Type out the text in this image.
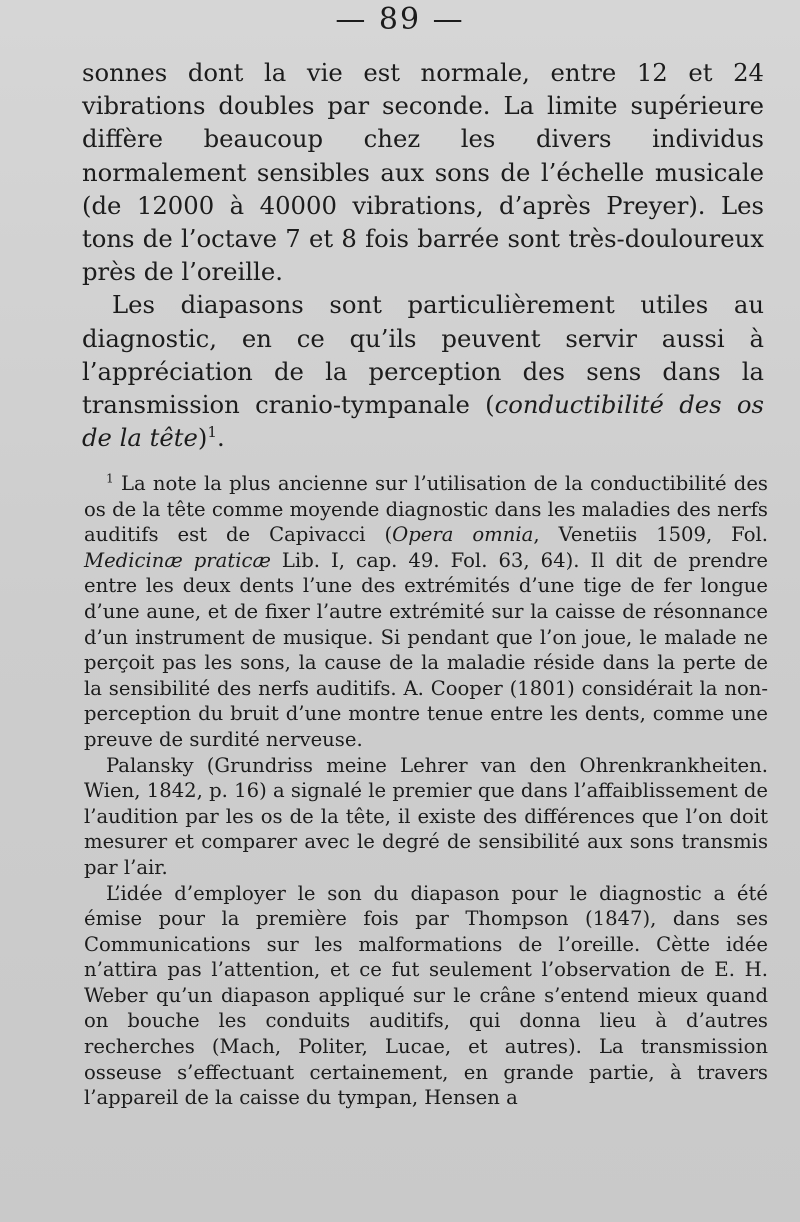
— 89 —

sonnes dont la vie est normale, entre 12 et 24 vibrations doubles par seconde. La limite supérieure diffère beaucoup chez les divers individus normalement sensibles aux sons de l’échelle musicale (de 12000 à 40000 vibrations, d’après Preyer). Les tons de l’octave 7 et 8 fois barrée sont très-douloureux près de l’oreille.

Les diapasons sont particulièrement utiles au diagnostic, en ce qu’ils peuvent servir aussi à l’appréciation de la perception des sens dans la transmission cranio-tympanale (conductibilité des os de la tête)$^1$.

$^1$ La note la plus ancienne sur l’utilisation de la conductibilité des os de la tête comme moyende diagnostic dans les maladies des nerfs auditifs est de Capivacci (Opera omnia, Venetiis 1509, Fol. Medicinæ praticæ Lib. I, cap. 49. Fol. 63, 64). Il dit de prendre entre les deux dents l’une des extrémités d’une tige de fer longue d’une aune, et de fixer l’autre extrémité sur la caisse de résonnance d’un instrument de musique. Si pendant que l’on joue, le malade ne perçoit pas les sons, la cause de la maladie réside dans la perte de la sensibilité des nerfs auditifs. A. Cooper (1801) considérait la non-perception du bruit d’une montre tenue entre les dents, comme une preuve de surdité nerveuse.

Palansky (Grundriss meine Lehrer van den Ohrenkrankheiten. Wien, 1842, p. 16) a signalé le premier que dans l’affaiblissement de l’audition par les os de la tête, il existe des différences que l’on doit mesurer et comparer avec le degré de sensibilité aux sons transmis par l’air.

L’idée d’employer le son du diapason pour le diagnostic a été émise pour la première fois par Thompson (1847), dans ses Communications sur les malformations de l’oreille. Cètte idée n’attira pas l’attention, et ce fut seulement l’observation de E. H. Weber qu’un diapason appliqué sur le crâne s’entend mieux quand on bouche les conduits auditifs, qui donna lieu à d’autres recherches (Mach, Politer, Lucae, et autres). La transmission osseuse s’effectuant certainement, en grande partie, à travers l’appareil de la caisse du tympan, Hensen a
